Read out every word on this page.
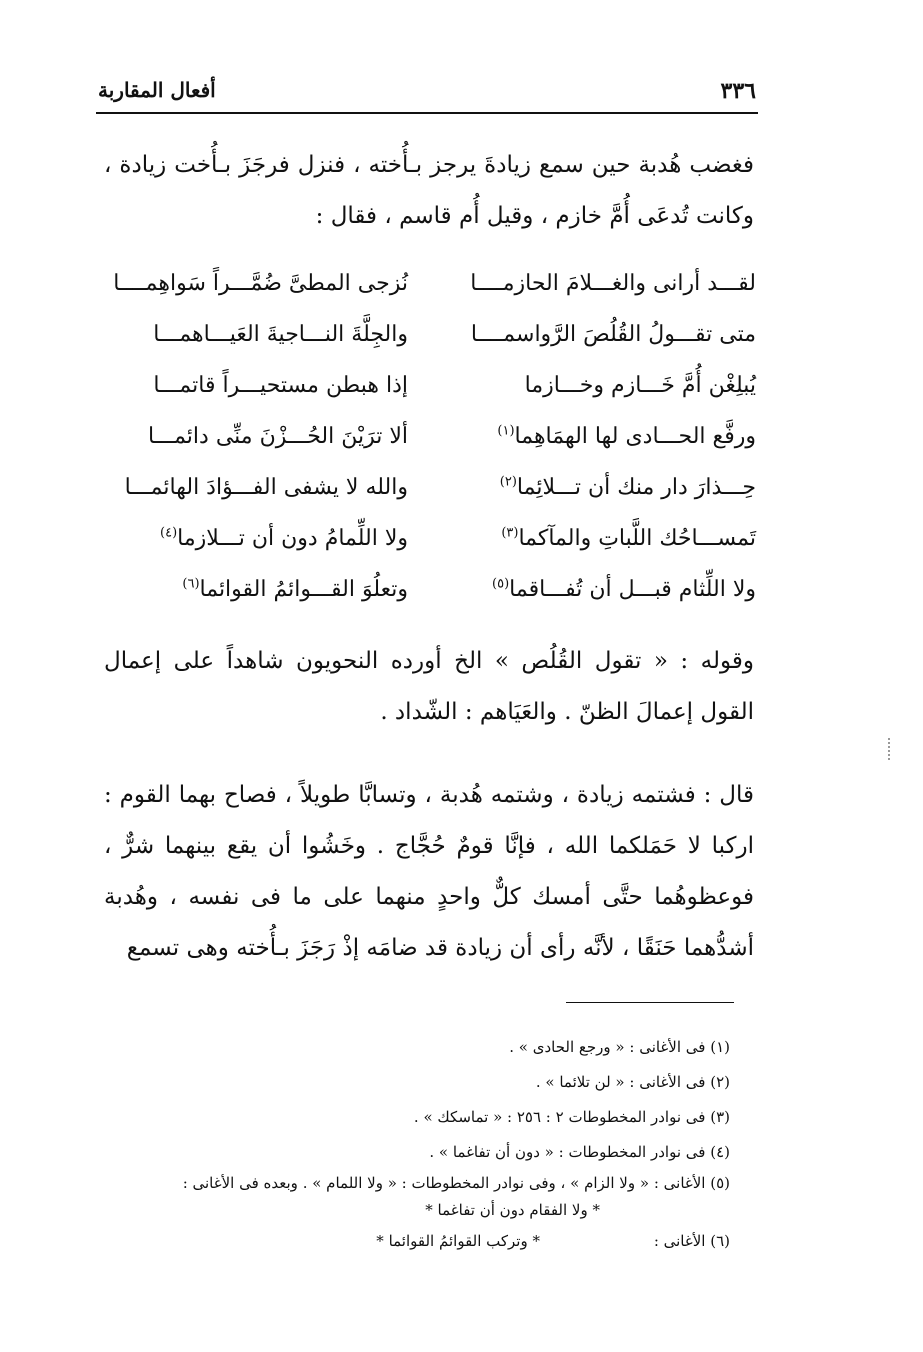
٣٣٦
أفعال المقاربة
فغضب هُدبة حين سمع زيادةَ يرجز بـأُخته ، فنزل فرجَزَ بـأُخت زيادة ، وكانت تُدعَى أُمَّ خازم ، وقيل أُم قاسم ، فقال :
لقـــد أرانى والغـــلامَ الحازمــــا
نُزجى المطىَّ ضُمَّـــراً سَواهِمــــا
متى تقـــولُ القُلُصَ الرَّواسمــــا
والجِلَّةَ النـــاجيةَ العَيـــاهمـــا
يُبلِغْن أُمَّ خَـــازم وخـــازما
إذا هبطن مستحيـــراً قاتمـــا
ورفَّع الحـــادى لها الهمَاهِما$^{(١)}$
ألا ترَيْنَ الحُـــزْنَ منِّى دائمـــا
حِـــذارَ دار منك أن تـــلائِما$^{(٢)}$
والله لا يشفى الفـــؤادَ الهائمـــا
تَمســـاحُك اللَّباتِ والمآكما$^{(٣)}$
ولا اللِّمامُ دون أن تـــلازما$^{(٤)}$
ولا اللِّثام قبـــل أن تُفـــاقما$^{(٥)}$
وتعلُوَ القـــوائمُ القوائما$^{(٦)}$
وقوله : « تقول القُلُص » الخ أورده النحويون شاهداً على إعمال القول إعمالَ الظنّ . والعَيَاهم : الشّداد .
قال : فشتمه زيادة ، وشتمه هُدبة ، وتسابَّا طويلاً ، فصاح بهما القوم : اركبا لا حَمَلكما الله ، فإنَّا قومٌ حُجَّاج . وخَشُوا أن يقع بينهما شرٌّ ، فوعظوهُما حتَّى أمسك كلٌّ واحدٍ منهما على ما فى نفسه ، وهُدبة أشدُّهما حَنَقًا ، لأنَّه رأى أن زيادة قد ضامَه إذْ رَجَزَ بـأُخته وهى تسمع
(١) فى الأغانى : « ورجع الحادى » .
(٢) فى الأغانى : « لن تلائما » .
(٣) فى نوادر المخطوطات ٢ : ٢٥٦ : « تماسكك » .
(٤) فى نوادر المخطوطات : « دون أن تفاغما » .
(٥) الأغانى : « ولا الزام » ، وفى نوادر المخطوطات : « ولا اللمام » . وبعده فى الأغانى :
* ولا الفقام دون أن تفاغما *
(٦) الأغانى :
* وتركب القوائمُ القوائما *
